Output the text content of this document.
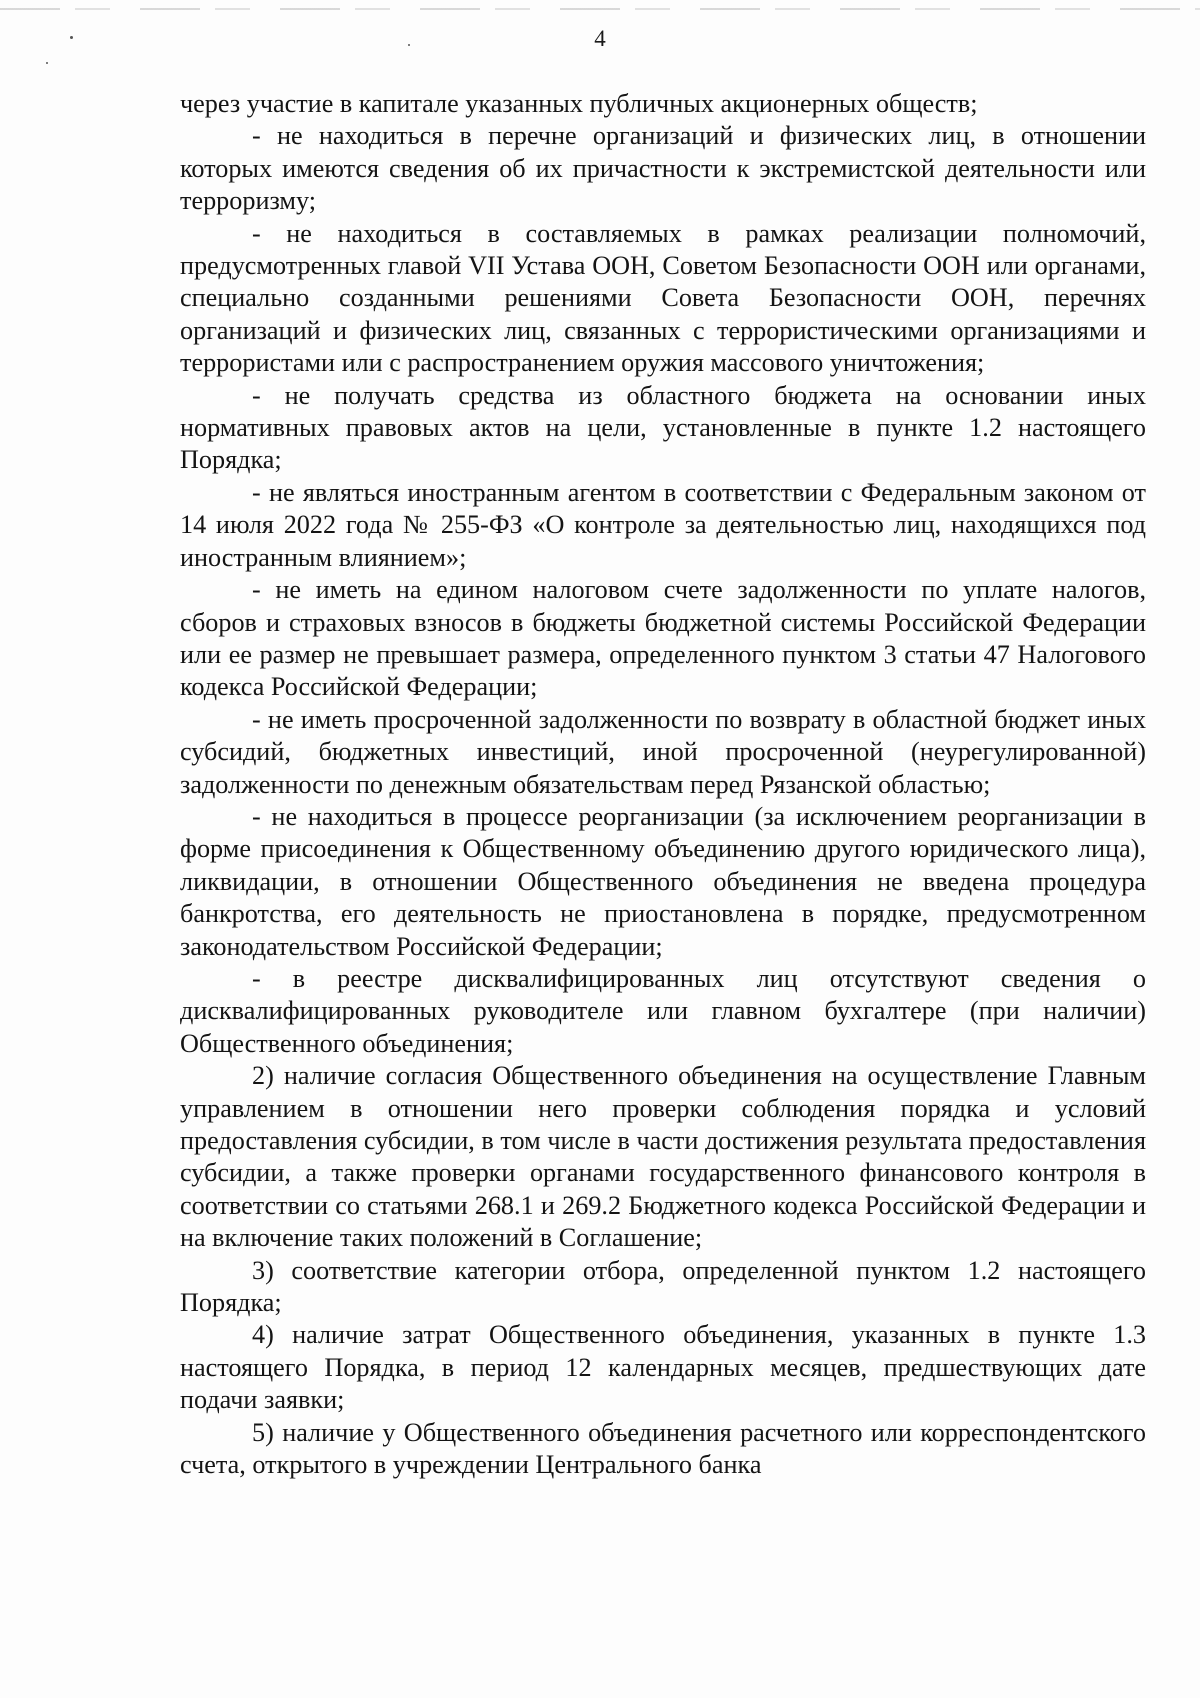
4

через участие в капитале указанных публичных акционерных обществ;

- не находиться в перечне организаций и физических лиц, в отношении которых имеются сведения об их причастности к экстремистской деятельности или терроризму;

- не находиться в составляемых в рамках реализации полномочий, предусмотренных главой VII Устава ООН, Советом Безопасности ООН или органами, специально созданными решениями Совета Безопасности ООН, перечнях организаций и физических лиц, связанных с террористическими организациями и террористами или с распространением оружия массового уничтожения;

- не получать средства из областного бюджета на основании иных нормативных правовых актов на цели, установленные в пункте 1.2 настоящего Порядка;

- не являться иностранным агентом в соответствии с Федеральным законом от 14 июля 2022 года № 255-ФЗ «О контроле за деятельностью лиц, находящихся под иностранным влиянием»;

- не иметь на едином налоговом счете задолженности по уплате налогов, сборов и страховых взносов в бюджеты бюджетной системы Российской Федерации или ее размер не превышает размера, определенного пунктом 3 статьи 47 Налогового кодекса Российской Федерации;

- не иметь просроченной задолженности по возврату в областной бюджет иных субсидий, бюджетных инвестиций, иной просроченной (неурегулированной) задолженности по денежным обязательствам перед Рязанской областью;

- не находиться в процессе реорганизации (за исключением реорганизации в форме присоединения к Общественному объединению другого юридического лица), ликвидации, в отношении Общественного объединения не введена процедура банкротства, его деятельность не приостановлена в порядке, предусмотренном законодательством Российской Федерации;

- в реестре дисквалифицированных лиц отсутствуют сведения о дисквалифицированных руководителе или главном бухгалтере (при наличии) Общественного объединения;

2) наличие согласия Общественного объединения на осуществление Главным управлением в отношении него проверки соблюдения порядка и условий предоставления субсидии, в том числе в части достижения результата предоставления субсидии, а также проверки органами государственного финансового контроля в соответствии со статьями 268.1 и 269.2 Бюджетного кодекса Российской Федерации и на включение таких положений в Соглашение;

3) соответствие категории отбора, определенной пунктом 1.2 настоящего Порядка;

4) наличие затрат Общественного объединения, указанных в пункте 1.3 настоящего Порядка, в период 12 календарных месяцев, предшествующих дате подачи заявки;

5) наличие у Общественного объединения расчетного или корреспондентского счета, открытого в учреждении Центрального банка
